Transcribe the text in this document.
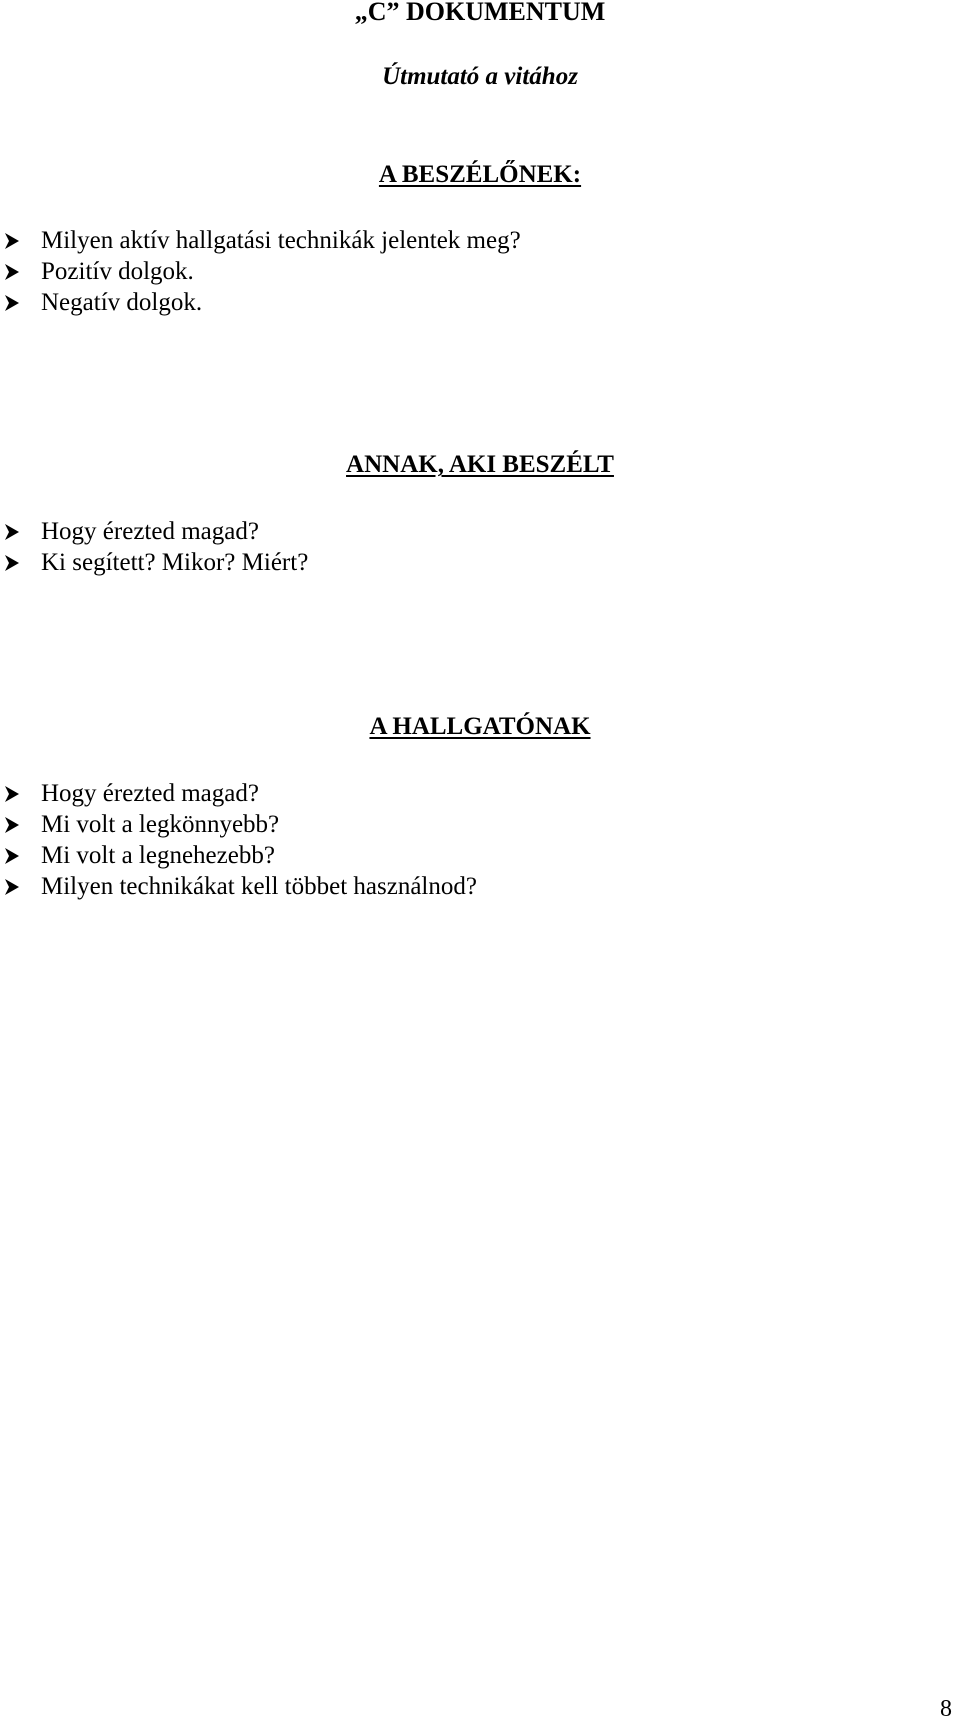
„C” DOKUMENTUM
Útmutató a vitához
A BESZÉLŐNEK:
Milyen aktív hallgatási technikák jelentek meg?
Pozitív dolgok.
Negatív dolgok.
ANNAK, AKI BESZÉLT
Hogy érezted magad?
Ki segített? Mikor? Miért?
A HALLGATÓNAK
Hogy érezted magad?
Mi volt a legkönnyebb?
Mi volt a legnehezebb?
Milyen technikákat kell többet használnod?

8
